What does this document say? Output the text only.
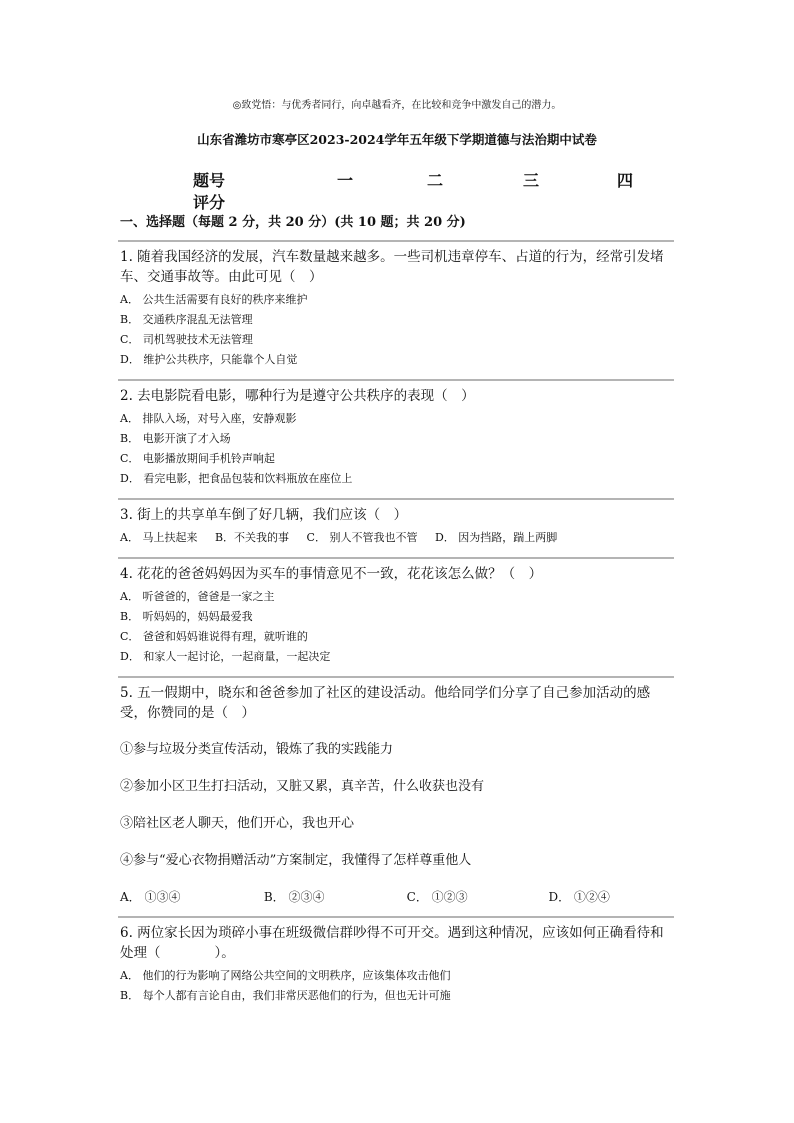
◎致党悟：与优秀者同行，向卓越看齐，在比较和竞争中激发自己的潜力。
山东省潍坊市寒亭区2023-2024学年五年级下学期道德与法治期中试卷
题号	一	二	三	四
评分
一、选择题（每题 2 分，共 20 分）(共 10 题；共 20 分)
1. 随着我国经济的发展，汽车数量越来越多。一些司机违章停车、占道的行为，经常引发堵车、交通事故等。由此可见（　）
A． 公共生活需要有良好的秩序来维护
B． 交通秩序混乱无法管理
C． 司机驾驶技术无法管理
D． 维护公共秩序，只能靠个人自觉
2. 去电影院看电影，哪种行为是遵守公共秩序的表现（　）
A． 排队入场，对号入座，安静观影
B． 电影开演了才入场
C． 电影播放期间手机铃声响起
D． 看完电影，把食品包装和饮料瓶放在座位上
3. 街上的共享单车倒了好几辆，我们应该（　）
A． 马上扶起来 B．不关我的事 C． 别人不管我也不管 D． 因为挡路，踹上两脚
4. 花花的爸爸妈妈因为买车的事情意见不一致，花花该怎么做？（　）
A． 听爸爸的，爸爸是一家之主
B． 听妈妈的，妈妈最爱我
C． 爸爸和妈妈谁说得有理，就听谁的
D． 和家人一起讨论，一起商量，一起决定
5. 五一假期中，晓东和爸爸参加了社区的建设活动。他给同学们分享了自己参加活动的感受，你赞同的是（　）
①参与垃圾分类宣传活动，锻炼了我的实践能力
②参加小区卫生打扫活动，又脏又累，真辛苦，什么收获也没有
③陪社区老人聊天，他们开心，我也开心
④参与“爱心衣物捐赠活动”方案制定，我懂得了怎样尊重他人
A． ①③④	B． ②③④	C． ①②③	D． ①②④
6. 两位家长因为琐碎小事在班级微信群吵得不可开交。遇到这种情况，应该如何正确看待和处理（　　　　）。
A． 他们的行为影响了网络公共空间的文明秩序，应该集体攻击他们
B． 每个人都有言论自由，我们非常厌恶他们的行为，但也无计可施
